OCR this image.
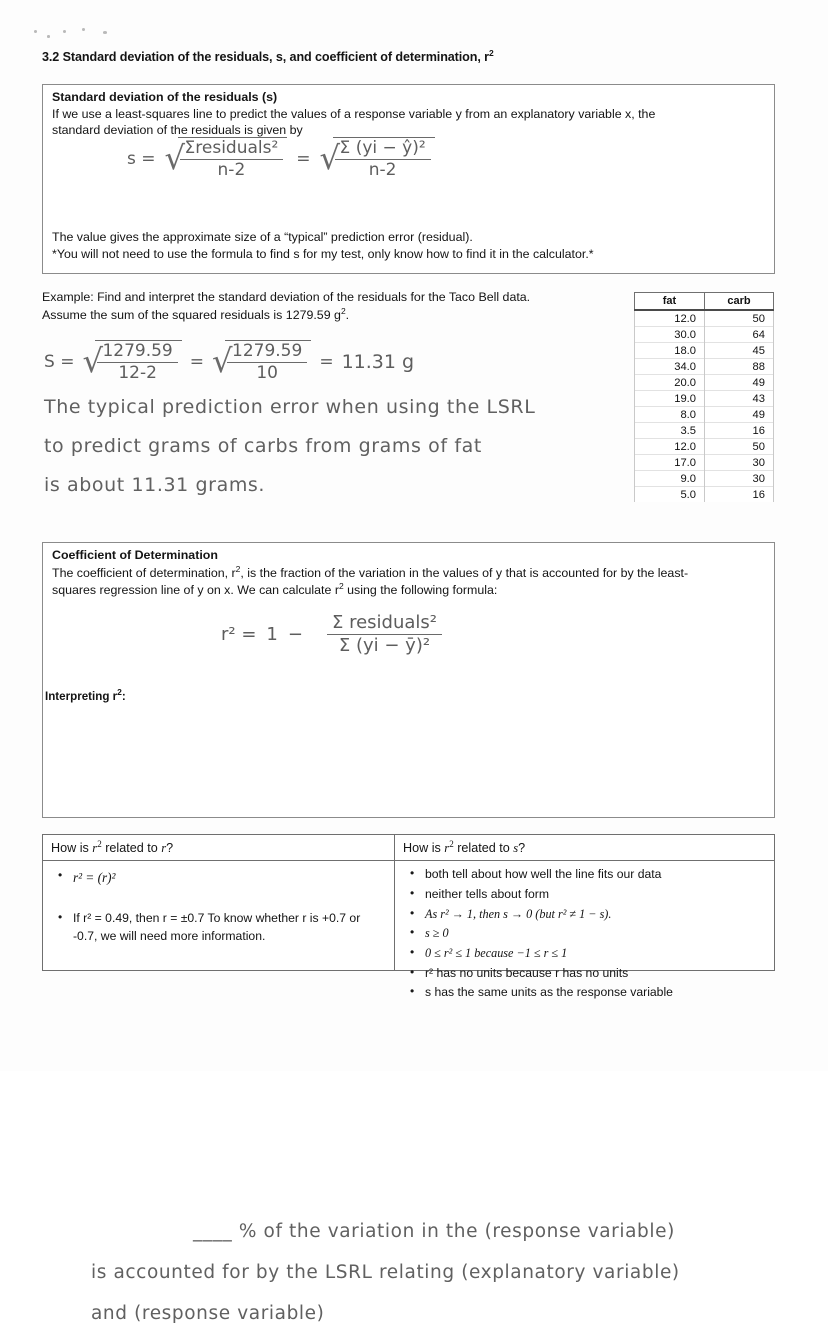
3.2 Standard deviation of the residuals, s, and coefficient of determination, $r^2$
Standard deviation of the residuals (s)
If we use a least-squares line to predict the values of a response variable y from an explanatory variable x, the
standard deviation of the residuals is given by
s = √
$\frac{\text{Σresiduals²}}{n-2}$ = √
$\frac{\text{Σ (yi − ŷ)²}}{n-2}$
The value gives the approximate size of a “typical” prediction error (residual).
*You will not need to use the formula to find s for my test, only know how to find it in the calculator.*
Example: Find and interpret the standard deviation of the residuals for the Taco Bell data.
Assume the sum of the squared residuals is 1279.59 $g^2$.
fat	carb
12.0	50
30.0	64
18.0	45
34.0	88
20.0	49
19.0	43
8.0	49
3.5	16
12.0	50
17.0	30
9.0	30
5.0	16
S = √
$\frac{1279.59}{12-2}$ = √
$\frac{1279.59}{10} = 11.31$ g
The typical prediction error when using the LSRL
to predict grams of carbs from grams of fat
is about 11.31 grams.
Coefficient of Determination
The coefficient of determination, $r^2$, is the fraction of the variation in the values of y that is accounted for by the least-
squares regression line of y on x. We can calculate $r^2$ using the following formula:
$r^2 = 1 - \frac{\text{Σ residuals²}}{\text{Σ (yi − ȳ)²}}$
Interpreting $r^2$:
____ % of the variation in the (response variable)
is accounted for by the LSRL relating (explanatory variable)
and (response variable)
How is $r^2$ related to r?
• r² = (r)²
• If r² = 0.49, then r = ±0.7 To know whether r is +0.7 or -0.7, we will need more information.
How is $r^2$ related to s?
• both tell about how well the line fits our data
• neither tells about form
• As r² → 1, then s → 0 (but r² ≠ 1 − s).
• s ≥ 0
• 0 ≤ r² ≤ 1 because −1 ≤ r ≤ 1
• r² has no units because r has no units
• s has the same units as the response variable
